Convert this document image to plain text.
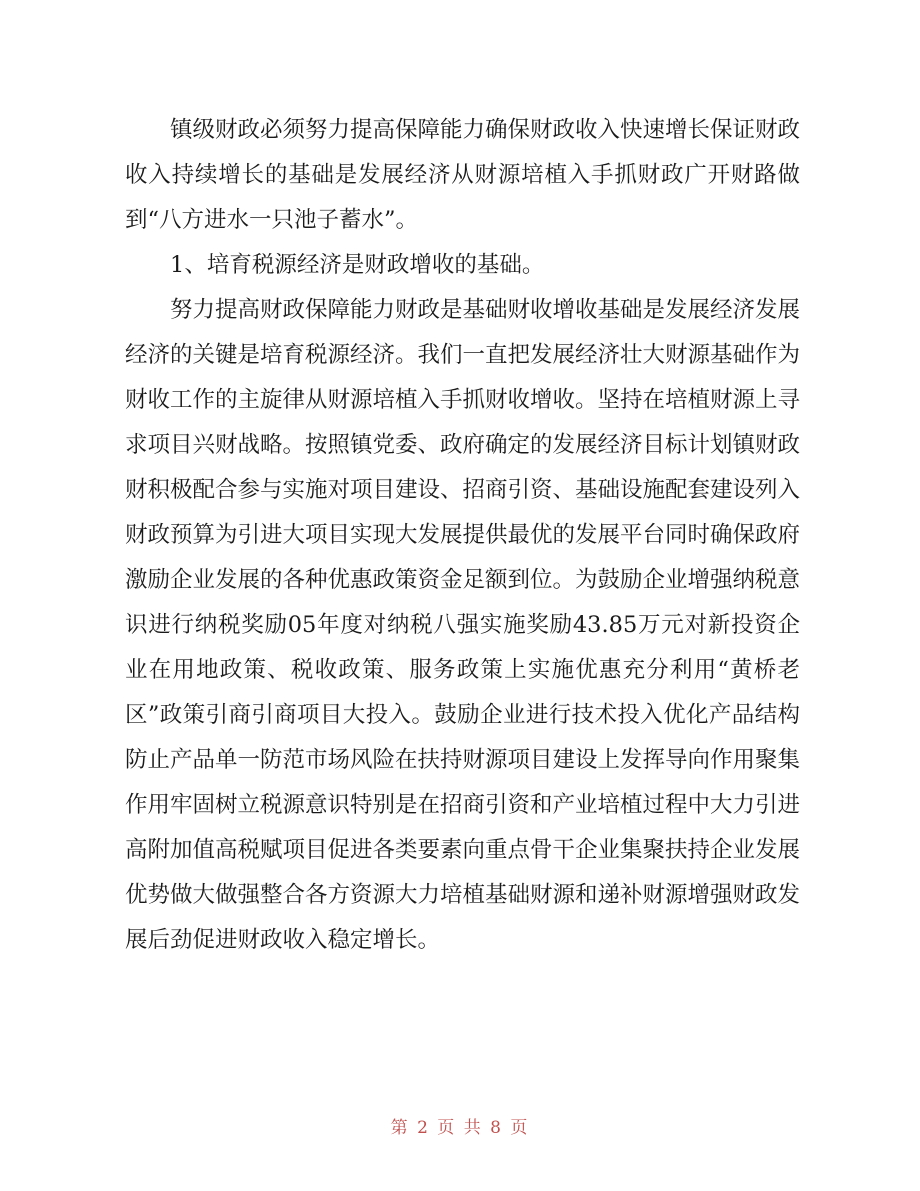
镇级财政必须努力提高保障能力确保财政收入快速增长保证财政收入持续增长的基础是发展经济从财源培植入手抓财政广开财路做到“八方进水一只池子蓄水”。

1、培育税源经济是财政增收的基础。

努力提高财政保障能力财政是基础财收增收基础是发展经济发展经济的关键是培育税源经济。我们一直把发展经济壮大财源基础作为财收工作的主旋律从财源培植入手抓财收增收。坚持在培植财源上寻求项目兴财战略。按照镇党委、政府确定的发展经济目标计划镇财政财积极配合参与实施对项目建设、招商引资、基础设施配套建设列入财政预算为引进大项目实现大发展提供最优的发展平台同时确保政府激励企业发展的各种优惠政策资金足额到位。为鼓励企业增强纳税意识进行纳税奖励05年度对纳税八强实施奖励43.85万元对新投资企业在用地政策、税收政策、服务政策上实施优惠充分利用“黄桥老区”政策引商引商项目大投入。鼓励企业进行技术投入优化产品结构防止产品单一防范市场风险在扶持财源项目建设上发挥导向作用聚集作用牢固树立税源意识特别是在招商引资和产业培植过程中大力引进高附加值高税赋项目促进各类要素向重点骨干企业集聚扶持企业发展优势做大做强整合各方资源大力培植基础财源和递补财源增强财政发展后劲促进财政收入稳定增长。

第 2 页 共 8 页
